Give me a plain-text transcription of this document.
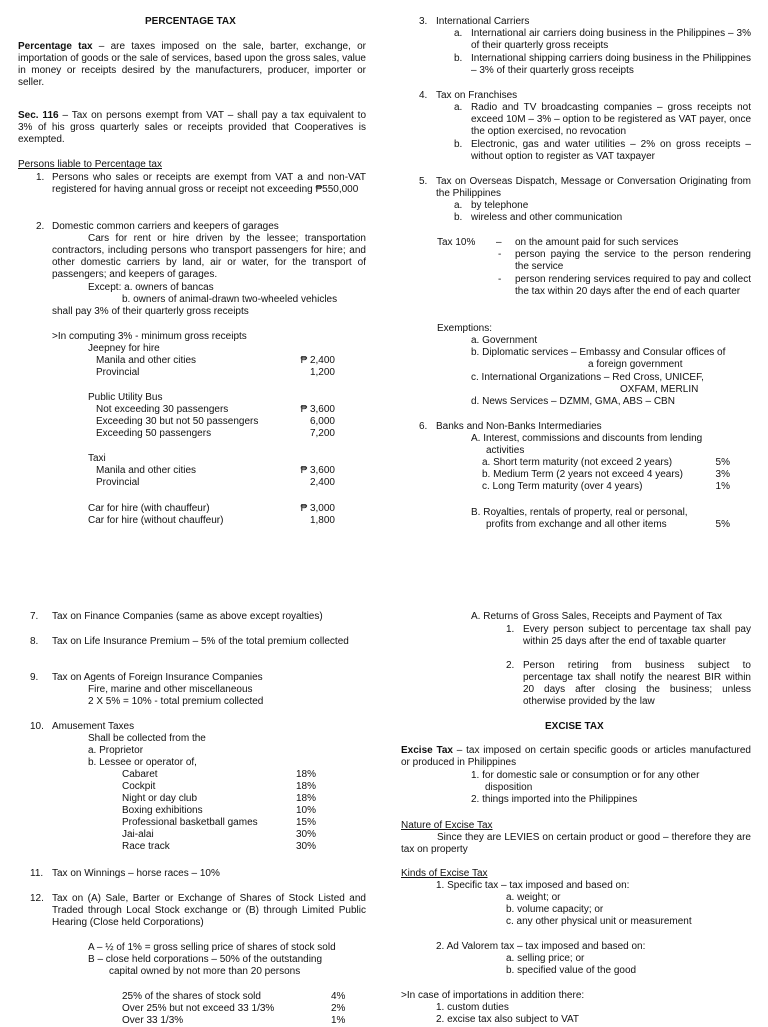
PERCENTAGE TAX
Percentage tax – are taxes imposed on the sale, barter, exchange, or importation of goods or the sale of services, based upon the gross sales, value in money or receipts desired by the manufacturers, producer, importer or seller.
Sec. 116 – Tax on persons exempt from VAT – shall pay a tax equivalent to 3% of his gross quarterly sales or receipts provided that Cooperatives is exempted.
Persons liable to Percentage tax
1. Persons who sales or receipts are exempt from VAT a and non-VAT registered for having annual gross or receipt not exceeding ₱550,000
2. Domestic common carriers and keepers of garages
Cars for rent or hire driven by the lessee; transportation contractors, including persons who transport passengers for hire; and other domestic carriers by land, air or water, for the transport of passengers; and keepers of garages.
Except: a. owners of bancas
b. owners of animal-drawn two-wheeled vehicles
shall pay 3% of their quarterly gross receipts
>In computing 3% - minimum gross receipts
Jeepney for hire
Manila and other cities	₱ 2,400
Provincial	1,200
Public Utility Bus
Not exceeding 30 passengers	₱ 3,600
Exceeding 30 but not 50 passengers	6,000
Exceeding 50 passengers	7,200
Taxi
Manila and other cities	₱ 3,600
Provincial	2,400
Car for hire (with chauffeur)	₱ 3,000
Car for hire (without chauffeur)	1,800
3. International Carriers
a. International air carriers doing business in the Philippines – 3% of their quarterly gross receipts
b. International shipping carriers doing business in the Philippines – 3% of their quarterly gross receipts
4. Tax on Franchises
a. Radio and TV broadcasting companies – gross receipts not exceed 10M – 3% – option to be registered as VAT payer, once the option exercised, no revocation
b. Electronic, gas and water utilities – 2% on gross receipts – without option to register as VAT taxpayer
5. Tax on Overseas Dispatch, Message or Conversation Originating from the Philippines
a. by telephone
b. wireless and other communication
Tax 10% – on the amount paid for such services
- person paying the service to the person rendering the service
- person rendering services required to pay and collect the tax within 20 days after the end of each quarter
Exemptions:
a. Government
b. Diplomatic services – Embassy and Consular offices of
a foreign government
c. International Organizations – Red Cross, UNICEF,
OXFAM, MERLIN
d. News Services – DZMM, GMA, ABS – CBN
6. Banks and Non-Banks Intermediaries
A. Interest, commissions and discounts from lending
activities
a. Short term maturity (not exceed 2 years)	5%
b. Medium Term (2 years not exceed 4 years)	3%
c. Long Term maturity (over 4 years)	1%
B. Royalties, rentals of property, real or personal,
profits from exchange and all other items	5%
7. Tax on Finance Companies (same as above except royalties)
8. Tax on Life Insurance Premium – 5% of the total premium collected
9. Tax on Agents of Foreign Insurance Companies
Fire, marine and other miscellaneous
2 X 5% = 10% - total premium collected
10. Amusement Taxes
Shall be collected from the
a. Proprietor
b. Lessee or operator of,
Cabaret	18%
Cockpit	18%
Night or day club	18%
Boxing exhibitions	10%
Professional basketball games	15%
Jai-alai	30%
Race track	30%
11. Tax on Winnings – horse races – 10%
12. Tax on (A) Sale, Barter or Exchange of Shares of Stock Listed and Traded through Local Stock exchange or (B) through Limited Public Hearing (Close held Corporations)
A – ½ of 1% = gross selling price of shares of stock sold
B – close held corporations – 50% of the outstanding
capital owned by not more than 20 persons
25% of the shares of stock sold	4%
Over 25% but not exceed 33 1/3%	2%
Over 33 1/3%	1%
A. Returns of Gross Sales, Receipts and Payment of Tax
1. Every person subject to percentage tax shall pay within 25 days after the end of taxable quarter
2. Person retiring from business subject to percentage tax shall notify the nearest BIR within 20 days after closing the business; unless otherwise provided by the law
EXCISE TAX
Excise Tax – tax imposed on certain specific goods or articles manufactured or produced in Philippines
1. for domestic sale or consumption or for any other
disposition
2. things imported into the Philippines
Nature of Excise Tax
Since they are LEVIES on certain product or good – therefore they are tax on property
Kinds of Excise Tax
1. Specific tax – tax imposed and based on:
a. weight; or
b. volume capacity; or
c. any other physical unit or measurement
2. Ad Valorem tax – tax imposed and based on:
a. selling price; or
b. specified value of the good
>In case of importations in addition there:
1. custom duties
2. excise tax also subject to VAT
